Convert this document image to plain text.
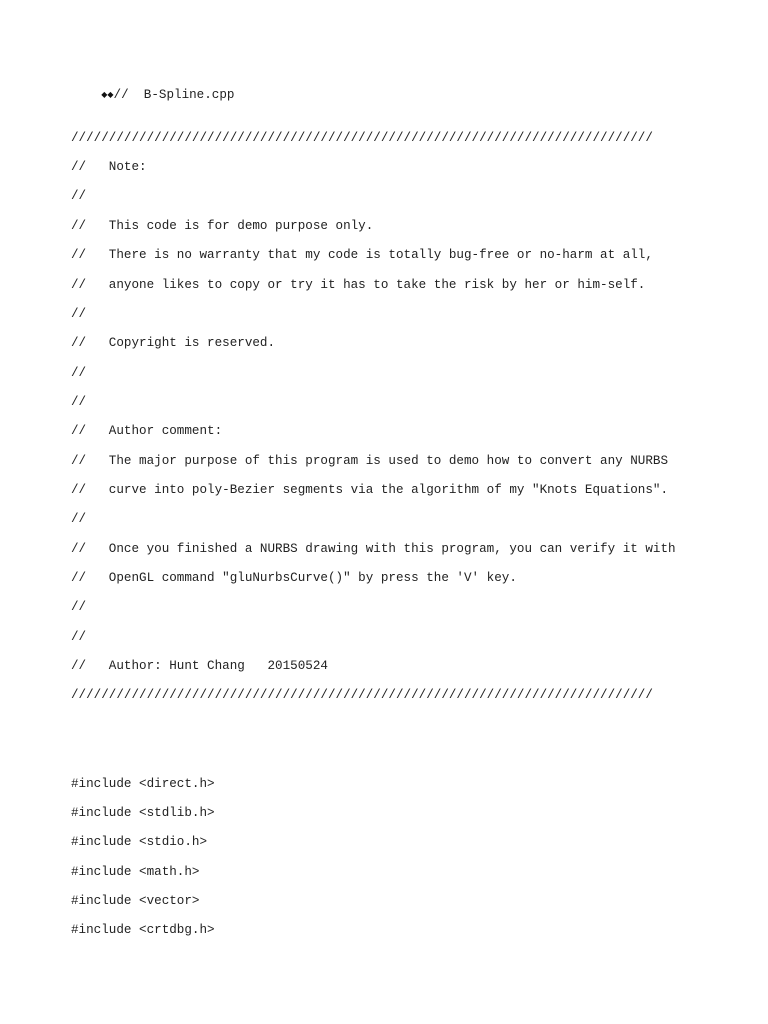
◆◆//  B-Spline.cpp

/////////////////////////////////////////////////////////////////////////////
//   Note:
//
//   This code is for demo purpose only.
//   There is no warranty that my code is totally bug-free or no-harm at all,
//   anyone likes to copy or try it has to take the risk by her or him-self.
//
//   Copyright is reserved.
//
//
//   Author comment:
//   The major purpose of this program is used to demo how to convert any NURBS
//   curve into poly-Bezier segments via the algorithm of my "Knots Equations".
//
//   Once you finished a NURBS drawing with this program, you can verify it with
//   OpenGL command "gluNurbsCurve()" by press the 'V' key.
//
//
//   Author: Hunt Chang   20150524
/////////////////////////////////////////////////////////////////////////////
#include <direct.h>
#include <stdlib.h>
#include <stdio.h>
#include <math.h>
#include <vector>
#include <crtdbg.h>
